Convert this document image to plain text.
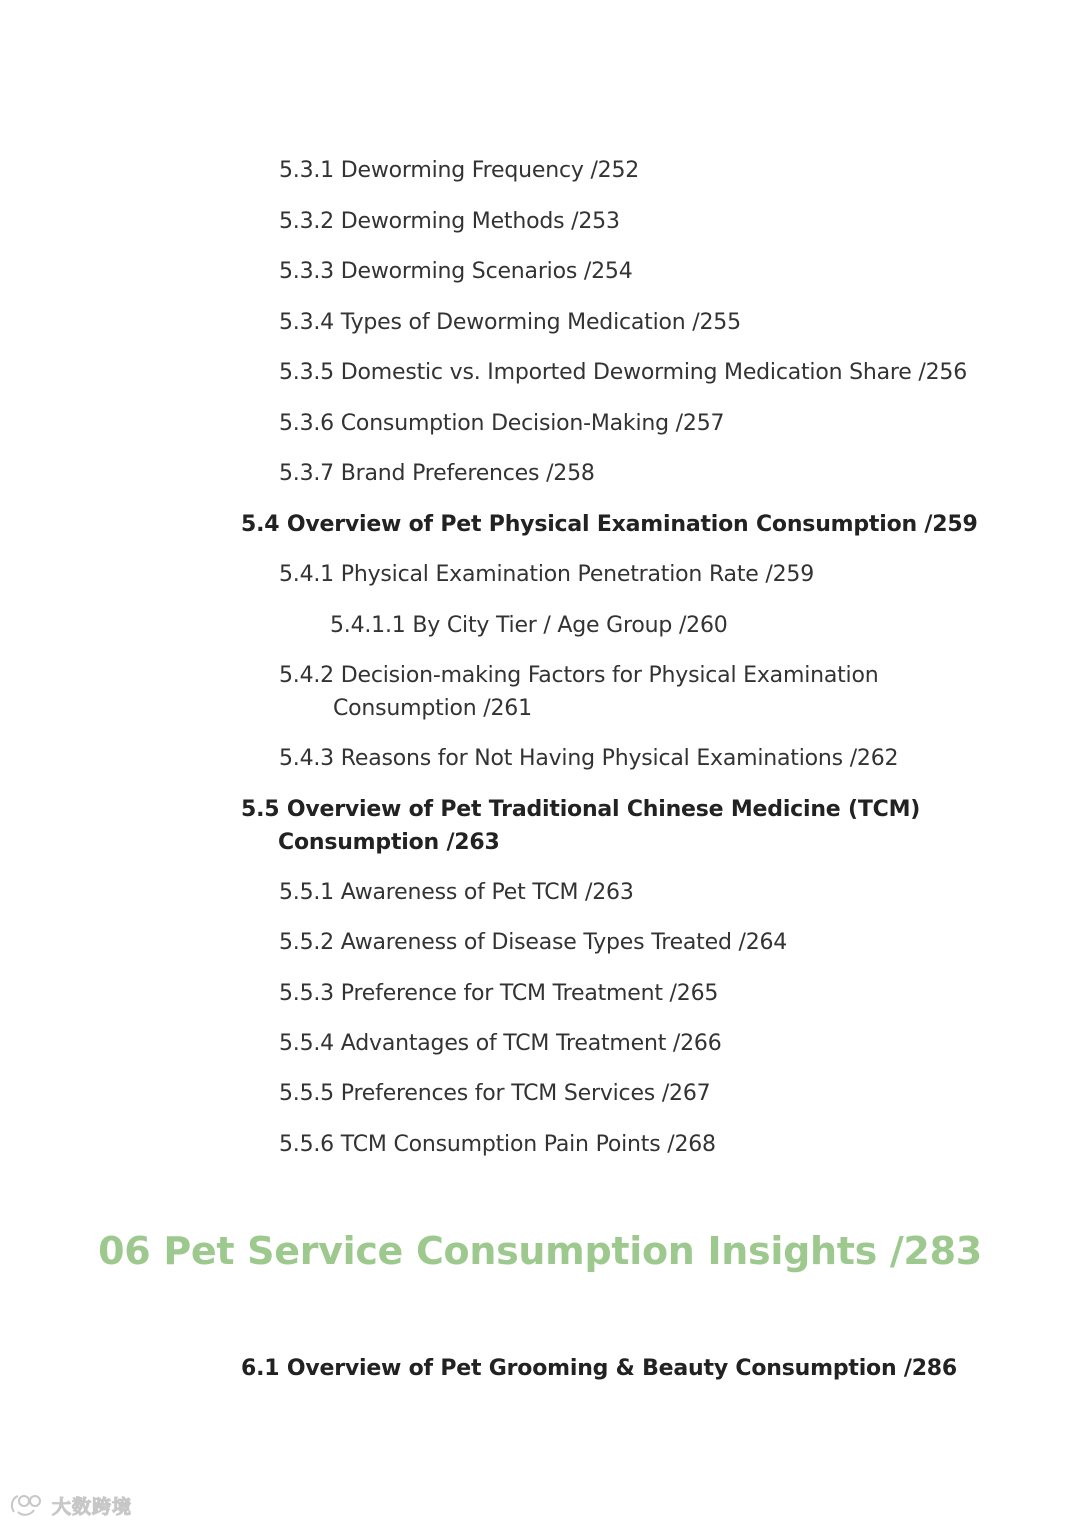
5.3.1 Deworming Frequency /252
5.3.2 Deworming Methods /253
5.3.3 Deworming Scenarios /254
5.3.4 Types of Deworming Medication /255
5.3.5 Domestic vs. Imported Deworming Medication Share /256
5.3.6 Consumption Decision-Making /257
5.3.7 Brand Preferences /258
5.4 Overview of Pet Physical Examination Consumption /259
5.4.1 Physical Examination Penetration Rate /259
5.4.1.1 By City Tier / Age Group /260
5.4.2 Decision-making Factors for Physical Examination
Consumption /261
5.4.3 Reasons for Not Having Physical Examinations /262
5.5 Overview of Pet Traditional Chinese Medicine (TCM)
Consumption /263
5.5.1 Awareness of Pet TCM /263
5.5.2 Awareness of Disease Types Treated /264
5.5.3 Preference for TCM Treatment /265
5.5.4 Advantages of TCM Treatment /266
5.5.5 Preferences for TCM Services /267
5.5.6 TCM Consumption Pain Points /268
06 Pet Service Consumption Insights /283
6.1 Overview of Pet Grooming & Beauty Consumption /286
大数跨境
